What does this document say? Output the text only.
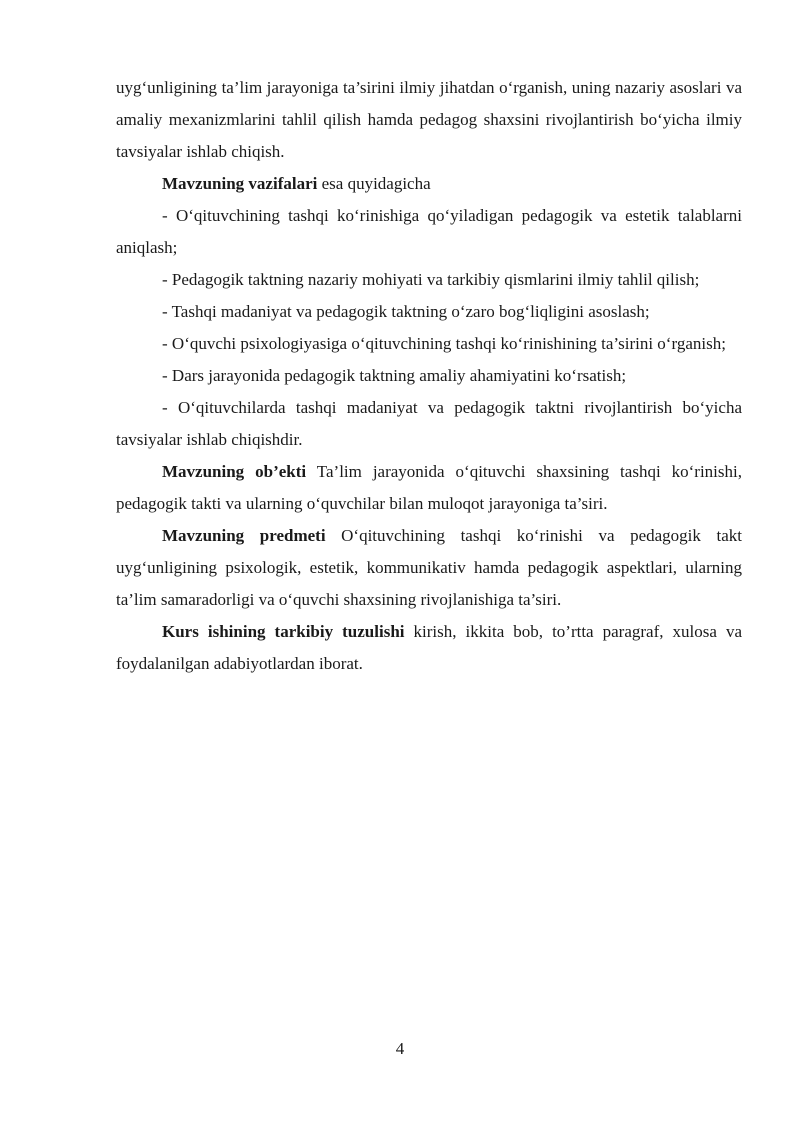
uyg‘unligining ta’lim jarayoniga ta’sirini ilmiy jihatdan o‘rganish, uning nazariy asoslari va amaliy mexanizmlarini tahlil qilish hamda pedagog shaxsini rivojlantirish bo‘yicha ilmiy tavsiyalar ishlab chiqish.

Mavzuning vazifalari esa quyidagicha

- O‘qituvchining tashqi ko‘rinishiga qo‘yiladigan pedagogik va estetik talablarni aniqlash;

- Pedagogik taktning nazariy mohiyati va tarkibiy qismlarini ilmiy tahlil qilish;

- Tashqi madaniyat va pedagogik taktning o‘zaro bog‘liqligini asoslash;

- O‘quvchi psixologiyasiga o‘qituvchining tashqi ko‘rinishining ta’sirini o‘rganish;

- Dars jarayonida pedagogik taktning amaliy ahamiyatini ko‘rsatish;

- O‘qituvchilarda tashqi madaniyat va pedagogik taktni rivojlantirish bo‘yicha tavsiyalar ishlab chiqishdir.

Mavzuning ob’ekti Ta’lim jarayonida o‘qituvchi shaxsining tashqi ko‘rinishi, pedagogik takti va ularning o‘quvchilar bilan muloqot jarayoniga ta’siri.

Mavzuning predmeti O‘qituvchining tashqi ko‘rinishi va pedagogik takt uyg‘unligining psixologik, estetik, kommunikativ hamda pedagogik aspektlari, ularning ta’lim samaradorligi va o‘quvchi shaxsining rivojlanishiga ta’siri.

Kurs ishining tarkibiy tuzulishi kirish, ikkita bob, to’rtta paragraf, xulosa va foydalanilgan adabiyotlardan iborat.

4
